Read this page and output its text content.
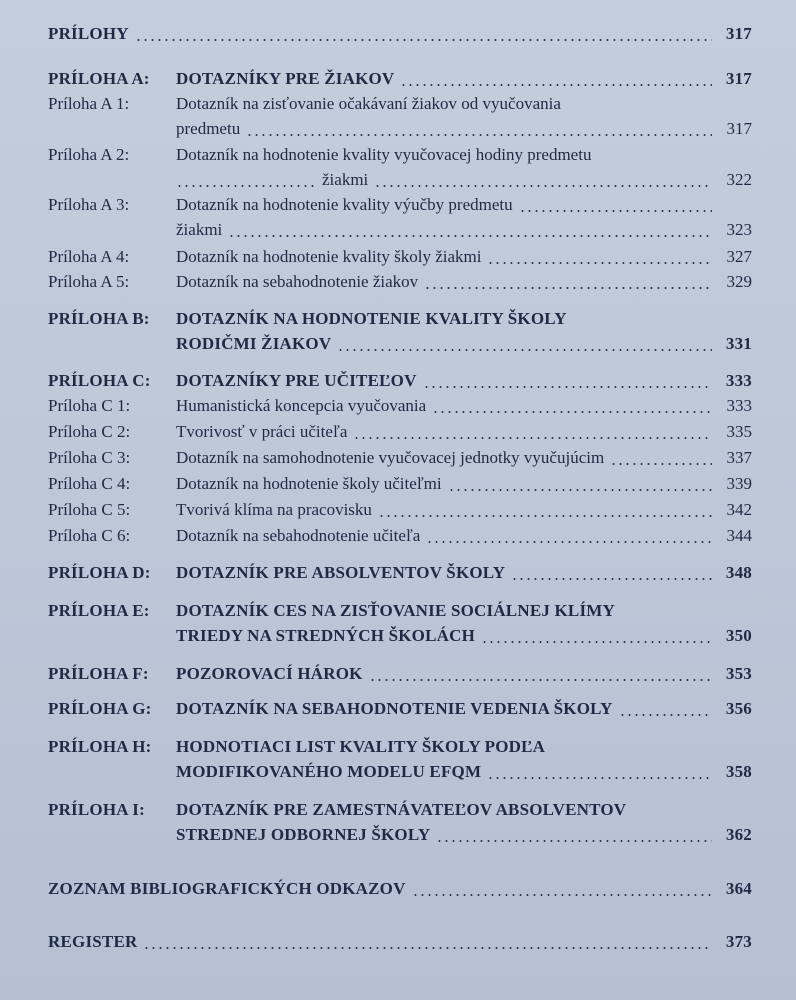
PRÍLOHY	317
PRÍLOHA A: DOTAZNÍKY PRE ŽIAKOV	317
Príloha A 1:	Dotazník na zisťovanie očakávaní žiakov od vyučovania
predmetu	317
Príloha A 2:	Dotazník na hodnotenie kvality vyučovacej hodiny predmetu
žiakmi	322
Príloha A 3:	Dotazník na hodnotenie kvality výučby predmetu
žiakmi	323
Príloha A 4:	Dotazník na hodnotenie kvality školy žiakmi	327
Príloha A 5:	Dotazník na sebahodnotenie žiakov	329
PRÍLOHA B: DOTAZNÍK NA HODNOTENIE KVALITY ŠKOLY
RODIČMI ŽIAKOV	331
PRÍLOHA C: DOTAZNÍKY PRE UČITEĽOV	333
Príloha C 1:	Humanistická koncepcia vyučovania	333
Príloha C 2:	Tvorivosť v práci učiteľa	335
Príloha C 3:	Dotazník na samohodnotenie vyučovacej jednotky vyučujúcim	337
Príloha C 4:	Dotazník na hodnotenie školy učiteľmi	339
Príloha C 5:	Tvorivá klíma na pracovisku	342
Príloha C 6:	Dotazník na sebahodnotenie učiteľa	344
PRÍLOHA D: DOTAZNÍK PRE ABSOLVENTOV ŠKOLY	348
PRÍLOHA E: DOTAZNÍK CES NA ZISŤOVANIE SOCIÁLNEJ KLÍMY
TRIEDY NA STREDNÝCH ŠKOLÁCH	350
PRÍLOHA F: POZOROVACÍ HÁROK	353
PRÍLOHA G: DOTAZNÍK NA SEBAHODNOTENIE VEDENIA ŠKOLY	356
PRÍLOHA H: HODNOTIACI LIST KVALITY ŠKOLY PODĽA
MODIFIKOVANÉHO MODELU EFQM	358
PRÍLOHA I: DOTAZNÍK PRE ZAMESTNÁVATEĽOV ABSOLVENTOV
STREDNEJ ODBORNEJ ŠKOLY	362
ZOZNAM BIBLIOGRAFICKÝCH ODKAZOV	364
REGISTER	373
